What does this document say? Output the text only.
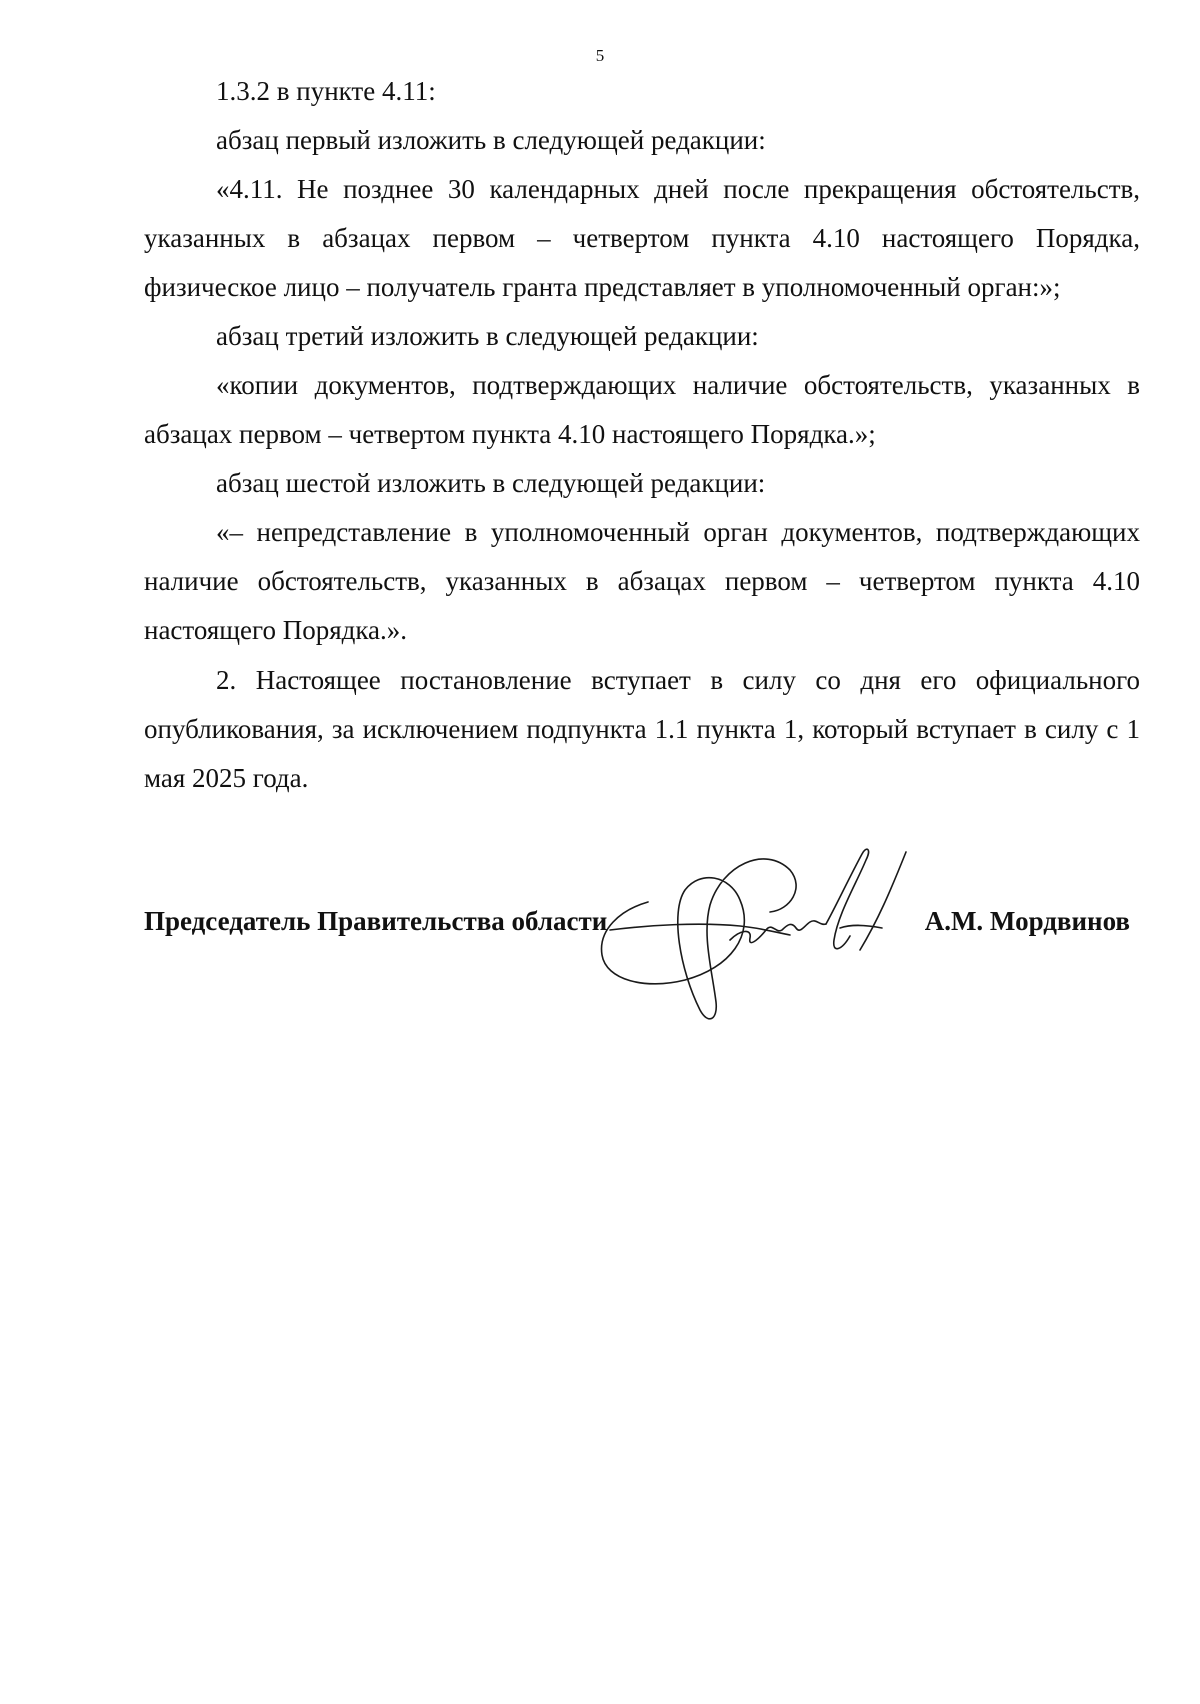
5

1.3.2 в пункте 4.11:

абзац первый изложить в следующей редакции:

«4.11. Не позднее 30 календарных дней после прекращения обстоятельств, указанных в абзацах первом – четвертом пункта 4.10 настоящего Порядка, физическое лицо – получатель гранта представляет в уполномоченный орган:»;

абзац третий изложить в следующей редакции:

«копии документов, подтверждающих наличие обстоятельств, указанных в абзацах первом – четвертом пункта 4.10 настоящего Порядка.»;

абзац шестой изложить в следующей редакции:

«– непредставление в уполномоченный орган документов, подтверждающих наличие обстоятельств, указанных в абзацах первом – четвертом пункта 4.10 настоящего Порядка.».

2. Настоящее постановление вступает в силу со дня его официального опубликования, за исключением подпункта 1.1 пункта 1, который вступает в силу с 1 мая 2025 года.

Председатель Правительства области	А.М. Мордвинов
